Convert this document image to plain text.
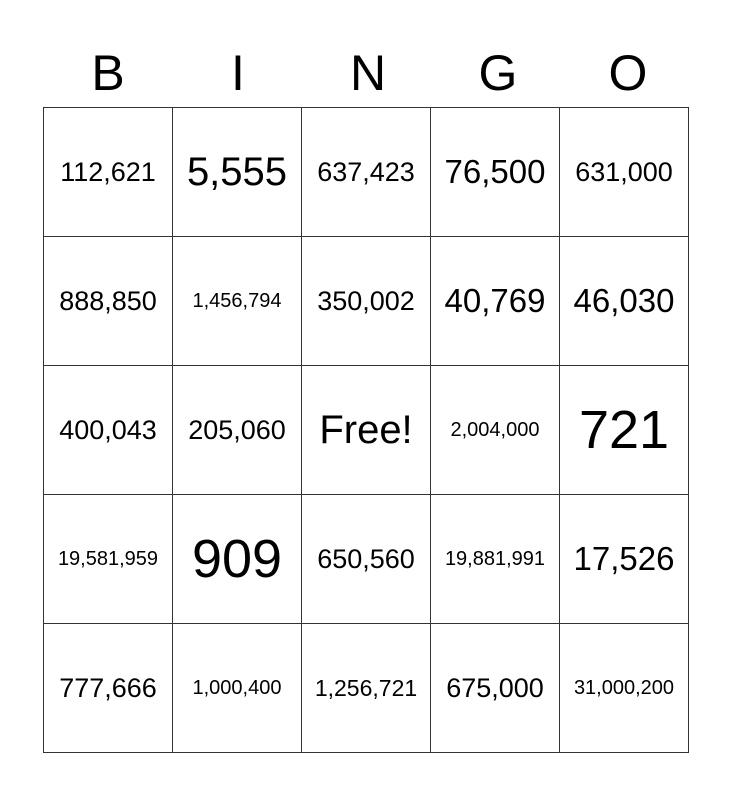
B	I	N	G	O
112,621	5,555	637,423	76,500	631,000
888,850	1,456,794	350,002	40,769	46,030
400,043	205,060	Free!	2,004,000	721
19,581,959	909	650,560	19,881,991	17,526
777,666	1,000,400	1,256,721	675,000	31,000,200
